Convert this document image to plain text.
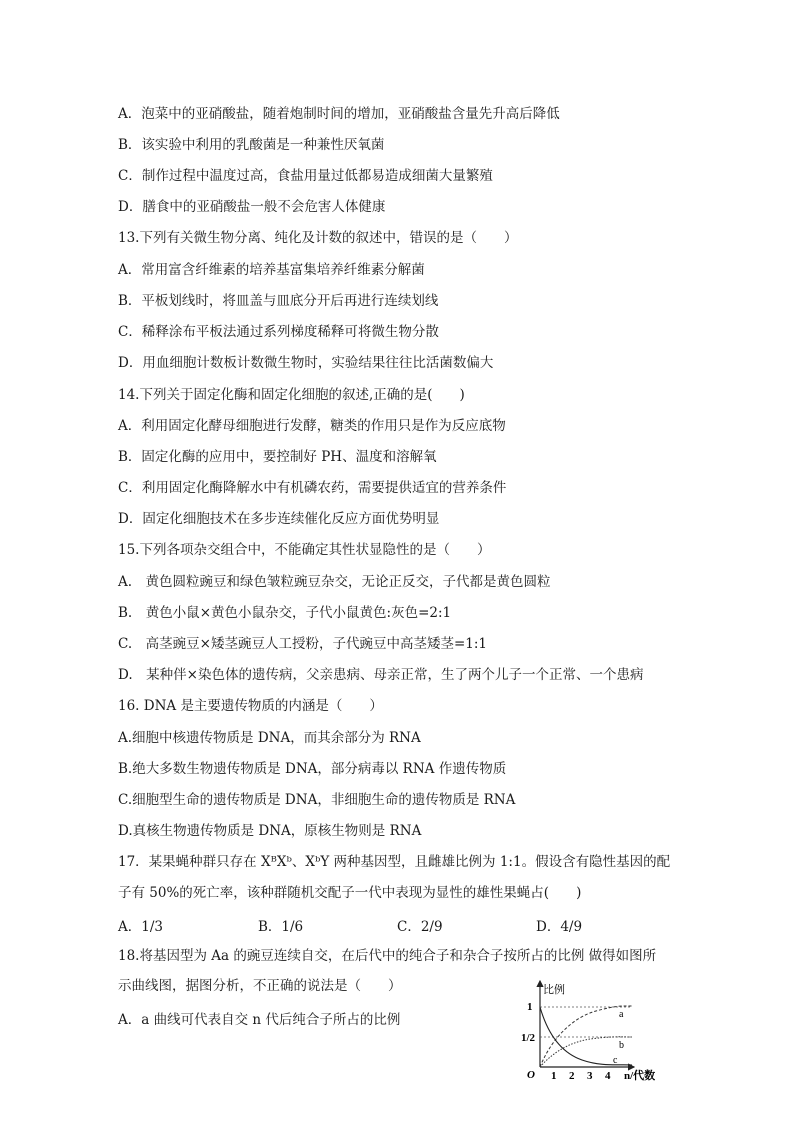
A．泡菜中的亚硝酸盐，随着炮制时间的增加，亚硝酸盐含量先升高后降低
B．该实验中利用的乳酸菌是一种兼性厌氧菌
C．制作过程中温度过高，食盐用量过低都易造成细菌大量繁殖
D．膳食中的亚硝酸盐一般不会危害人体健康
13.下列有关微生物分离、纯化及计数的叙述中，错误的是（　　）
A．常用富含纤维素的培养基富集培养纤维素分解菌
B．平板划线时，将皿盖与皿底分开后再进行连续划线
C．稀释涂布平板法通过系列梯度稀释可将微生物分散
D．用血细胞计数板计数微生物时，实验结果往往比活菌数偏大
14.下列关于固定化酶和固定化细胞的叙述,正确的是(　　)
A．利用固定化酵母细胞进行发酵，糖类的作用只是作为反应底物
B．固定化酶的应用中，要控制好 PH、温度和溶解氧
C．利用固定化酶降解水中有机磷农药，需要提供适宜的营养条件
D．固定化细胞技术在多步连续催化反应方面优势明显
15.下列各项杂交组合中，不能确定其性状显隐性的是（　　）
A.　黄色圆粒豌豆和绿色皱粒豌豆杂交，无论正反交，子代都是黄色圆粒
B.　黄色小鼠×黄色小鼠杂交，子代小鼠黄色:灰色=2:1
C.　高茎豌豆×矮茎豌豆人工授粉，子代豌豆中高茎矮茎=1:1
D.　某种伴×染色体的遗传病，父亲患病、母亲正常，生了两个儿子一个正常、一个患病
16. DNA 是主要遗传物质的内涵是（　　）
A.细胞中核遗传物质是 DNA，而其余部分为 RNA
B.绝大多数生物遗传物质是 DNA，部分病毒以 RNA 作遗传物质
C.细胞型生命的遗传物质是 DNA，非细胞生命的遗传物质是 RNA
D.真核生物遗传物质是 DNA，原核生物则是 RNA
17．某果蝇种群只存在 XᴮXᵇ、XᵇY 两种基因型，且雌雄比例为 1:1。假设含有隐性基因的配
子有 50%的死亡率，该种群随机交配子一代中表现为显性的雄性果蝇占(　　)
A．1/3	B．1/6	C．2/9	D．4/9
18.将基因型为 Aa 的豌豆连续自交，在后代中的纯合子和杂合子按所占的比例 做得如图所
示曲线图，据图分析，不正确的说法是（　　）
A．a 曲线可代表自交 n 代后纯合子所占的比例
比例
O
1
1/2
a
b
c
1 2 3 4 n/代数
